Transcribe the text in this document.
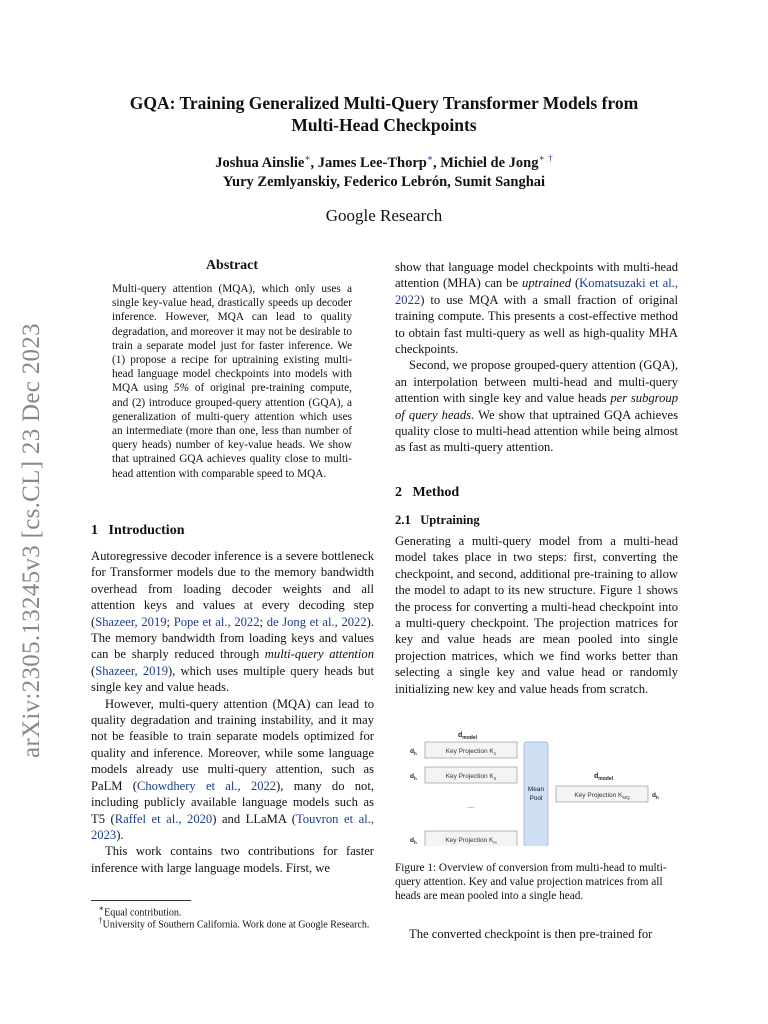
GQA: Training Generalized Multi-Query Transformer Models from
Multi-Head Checkpoints
Joshua Ainslie∗, James Lee-Thorp∗, Michiel de Jong∗ †
Yury Zemlyanskiy, Federico Lebrón, Sumit Sanghai
Google Research
arXiv:2305.13245v3 [cs.CL] 23 Dec 2023
Abstract
Multi-query attention (MQA), which only uses a single key-value head, drastically speeds up decoder inference. However, MQA can lead to quality degradation, and moreover it may not be desirable to train a separate model just for faster inference. We (1) propose a recipe for uptraining existing multi-head language model checkpoints into models with MQA using 5% of original pre-training compute, and (2) introduce grouped-query attention (GQA), a generalization of multi-query attention which uses an intermediate (more than one, less than number of query heads) number of key-value heads. We show that uptrained GQA achieves quality close to multi-head attention with comparable speed to MQA.
1 Introduction

Autoregressive decoder inference is a severe bottleneck for Transformer models due to the memory bandwidth overhead from loading decoder weights and all attention keys and values at every decoding step (Shazeer, 2019; Pope et al., 2022; de Jong et al., 2022). The memory bandwidth from loading keys and values can be sharply reduced through multi-query attention (Shazeer, 2019), which uses multiple query heads but single key and value heads.

However, multi-query attention (MQA) can lead to quality degradation and training instability, and it may not be feasible to train separate models optimized for quality and inference. Moreover, while some language models already use multi-query attention, such as PaLM (Chowdhery et al., 2022), many do not, including publicly available language models such as T5 (Raffel et al., 2020) and LLaMA (Touvron et al., 2023).

This work contains two contributions for faster inference with large language models. First, we

∗Equal contribution.
†University of Southern California. Work done at Google Research.

show that language model checkpoints with multi-head attention (MHA) can be uptrained (Komatsuzaki et al., 2022) to use MQA with a small fraction of original training compute. This presents a cost-effective method to obtain fast multi-query as well as high-quality MHA checkpoints.

Second, we propose grouped-query attention (GQA), an interpolation between multi-head and multi-query attention with single key and value heads per subgroup of query heads. We show that uptrained GQA achieves quality close to multi-head attention while being almost as fast as multi-query attention.

2 Method
2.1 Uptraining

Generating a multi-query model from a multi-head model takes place in two steps: first, converting the checkpoint, and second, additional pre-training to allow the model to adapt to its new structure. Figure 1 shows the process for converting a multi-head checkpoint into a multi-query checkpoint. The projection matrices for key and value heads are mean pooled into single projection matrices, which we find works better than selecting a single key and value head or randomly initializing new key and value heads from scratch.

$d_{model}$
Key Projection $K_1$
$d_h$
Key Projection $K_2$
$d_h$
....
Key Projection $K_H$
$d_h$
Mean
Pool
$d_{model}$
Key Projection $K_{MQ}$	$d_h$
Figure 1: Overview of conversion from multi-head to multi-query attention. Key and value projection matrices from all heads are mean pooled into a single head.

The converted checkpoint is then pre-trained for
